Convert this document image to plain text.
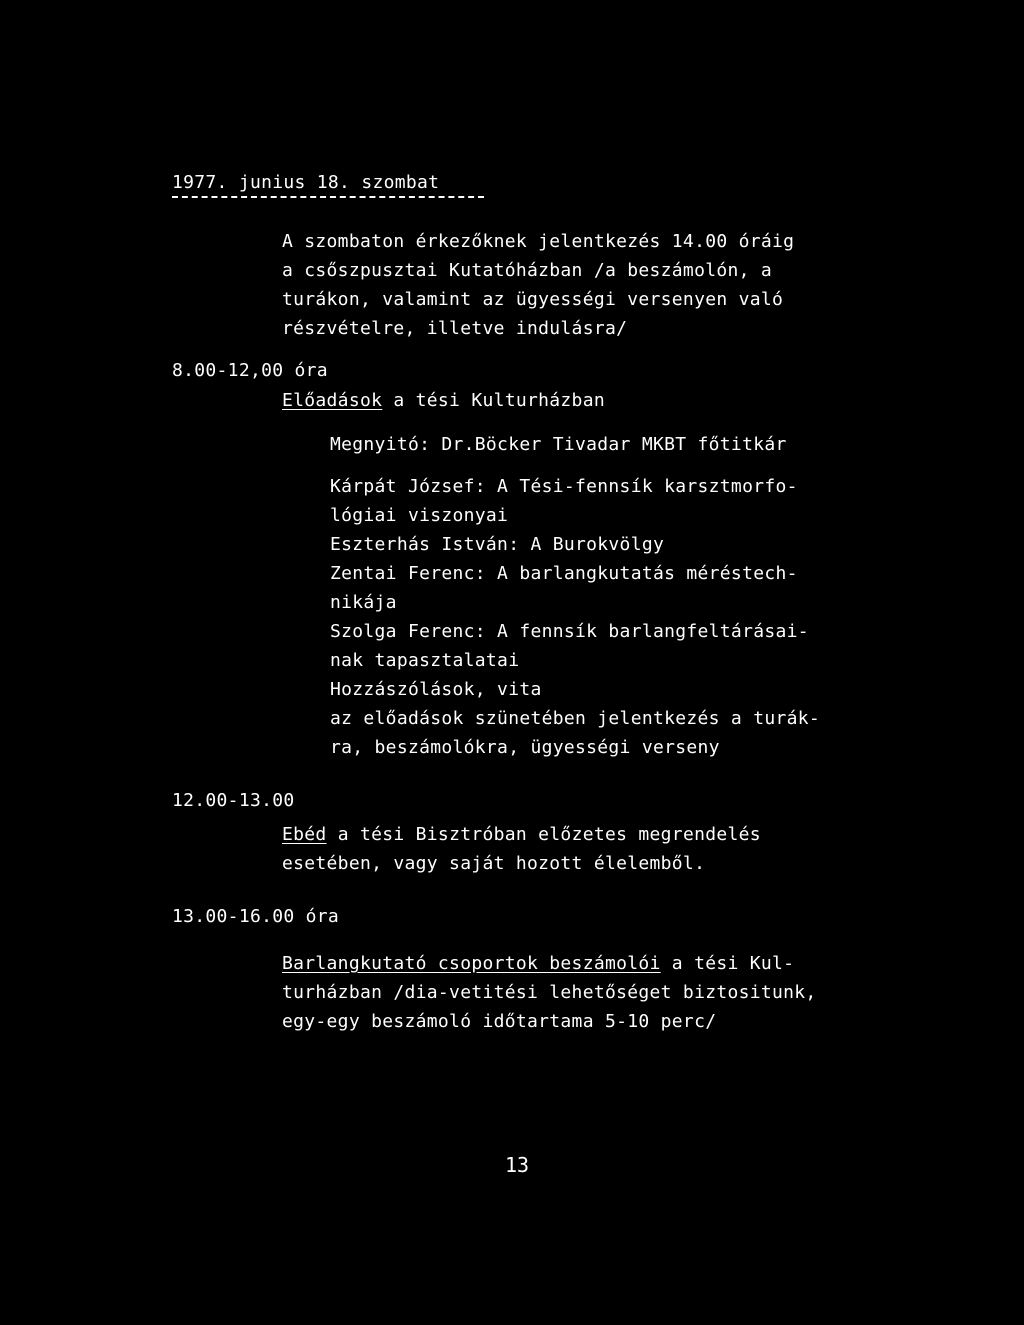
1977. junius 18. szombat
A szombaton érkezőknek jelentkezés 14.00 óráig
a csőszpusztai Kutatóházban /a beszámolón, a
turákon, valamint az ügyességi versenyen való
részvételre, illetve indulásra/
8.00-12,00 óra
Előadások a tési Kulturházban
Megnyitó: Dr.Böcker Tivadar MKBT főtitkár
Kárpát József: A Tési-fennsík karsztmorfo-
lógiai viszonyai
Eszterhás István: A Burokvölgy
Zentai Ferenc: A barlangkutatás méréstech-
nikája
Szolga Ferenc: A fennsík barlangfeltárásai-
nak tapasztalatai
Hozzászólások, vita
az előadások szünetében jelentkezés a turák-
ra, beszámolókra, ügyességi verseny
12.00-13.00
Ebéd a tési Bisztróban előzetes megrendelés
esetében, vagy saját hozott élelemből.
13.00-16.00 óra
Barlangkutató csoportok beszámolói a tési Kul-
turházban /dia-vetitési lehetőséget biztositunk,
egy-egy beszámoló időtartama 5-10 perc/
13
